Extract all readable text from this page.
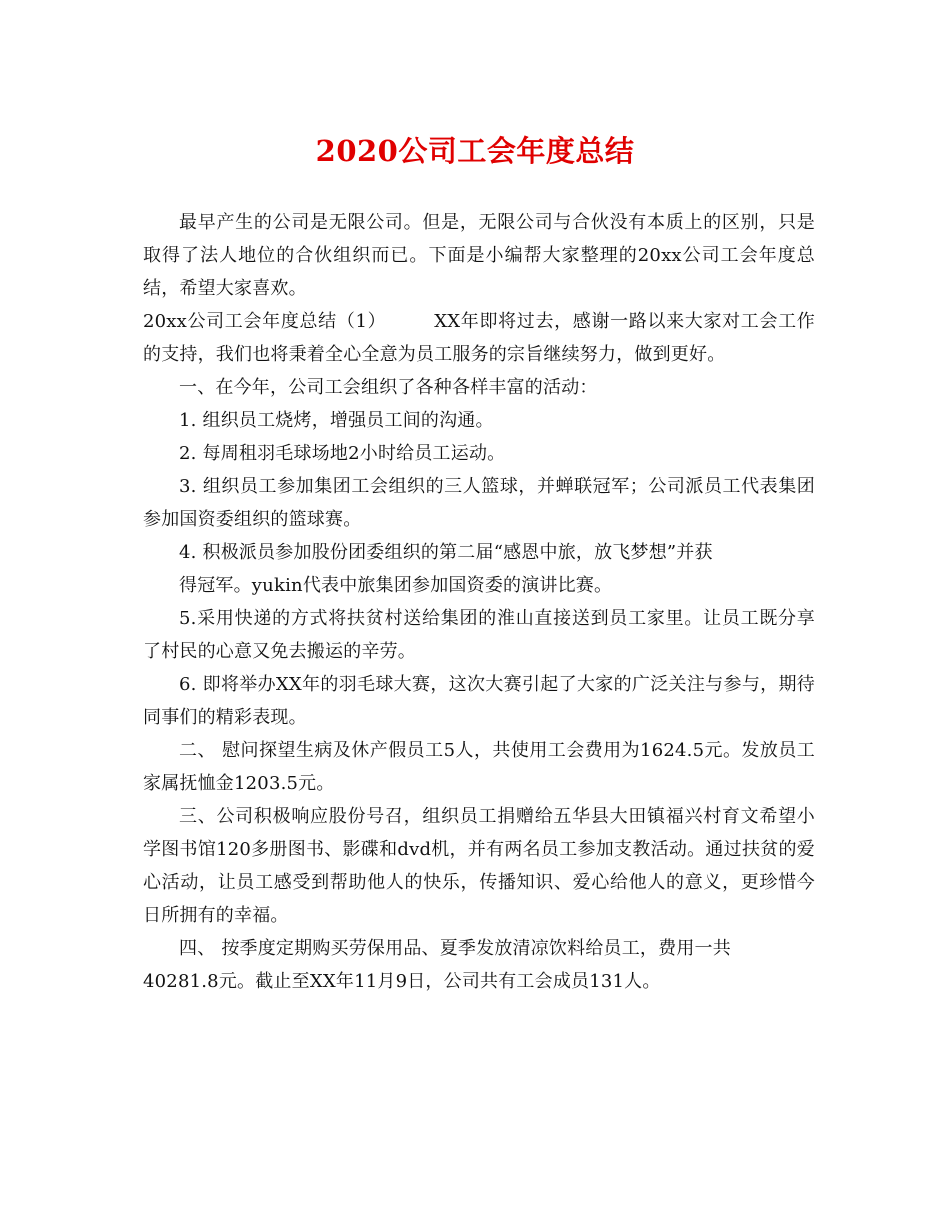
2020公司工会年度总结

最早产生的公司是无限公司。但是，无限公司与合伙没有本质上的区别，只是取得了法人地位的合伙组织而已。下面是小编帮大家整理的20xx公司工会年度总结，希望大家喜欢。

20xx公司工会年度总结（1）	XX年即将过去，感谢一路以来大家对工会工作的支持，我们也将秉着全心全意为员工服务的宗旨继续努力，做到更好。

一、在今年，公司工会组织了各种各样丰富的活动：

1. 组织员工烧烤，增强员工间的沟通。

2. 每周租羽毛球场地2小时给员工运动。

3. 组织员工参加集团工会组织的三人篮球，并蝉联冠军；公司派员工代表集团参加国资委组织的篮球赛。

4. 积极派员参加股份团委组织的第二届“感恩中旅，放飞梦想”并获

得冠军。yukin代表中旅集团参加国资委的演讲比赛。

5.采用快递的方式将扶贫村送给集团的淮山直接送到员工家里。让员工既分享了村民的心意又免去搬运的辛劳。

6. 即将举办XX年的羽毛球大赛，这次大赛引起了大家的广泛关注与参与，期待同事们的精彩表现。

二、 慰问探望生病及休产假员工5人，共使用工会费用为1624.5元。发放员工家属抚恤金1203.5元。

三、公司积极响应股份号召，组织员工捐赠给五华县大田镇福兴村育文希望小学图书馆120多册图书、影碟和dvd机，并有两名员工参加支教活动。通过扶贫的爱心活动，让员工感受到帮助他人的快乐，传播知识、爱心给他人的意义，更珍惜今日所拥有的幸福。

四、 按季度定期购买劳保用品、夏季发放清凉饮料给员工，费用一共

40281.8元。截止至XX年11月9日，公司共有工会成员131人。
